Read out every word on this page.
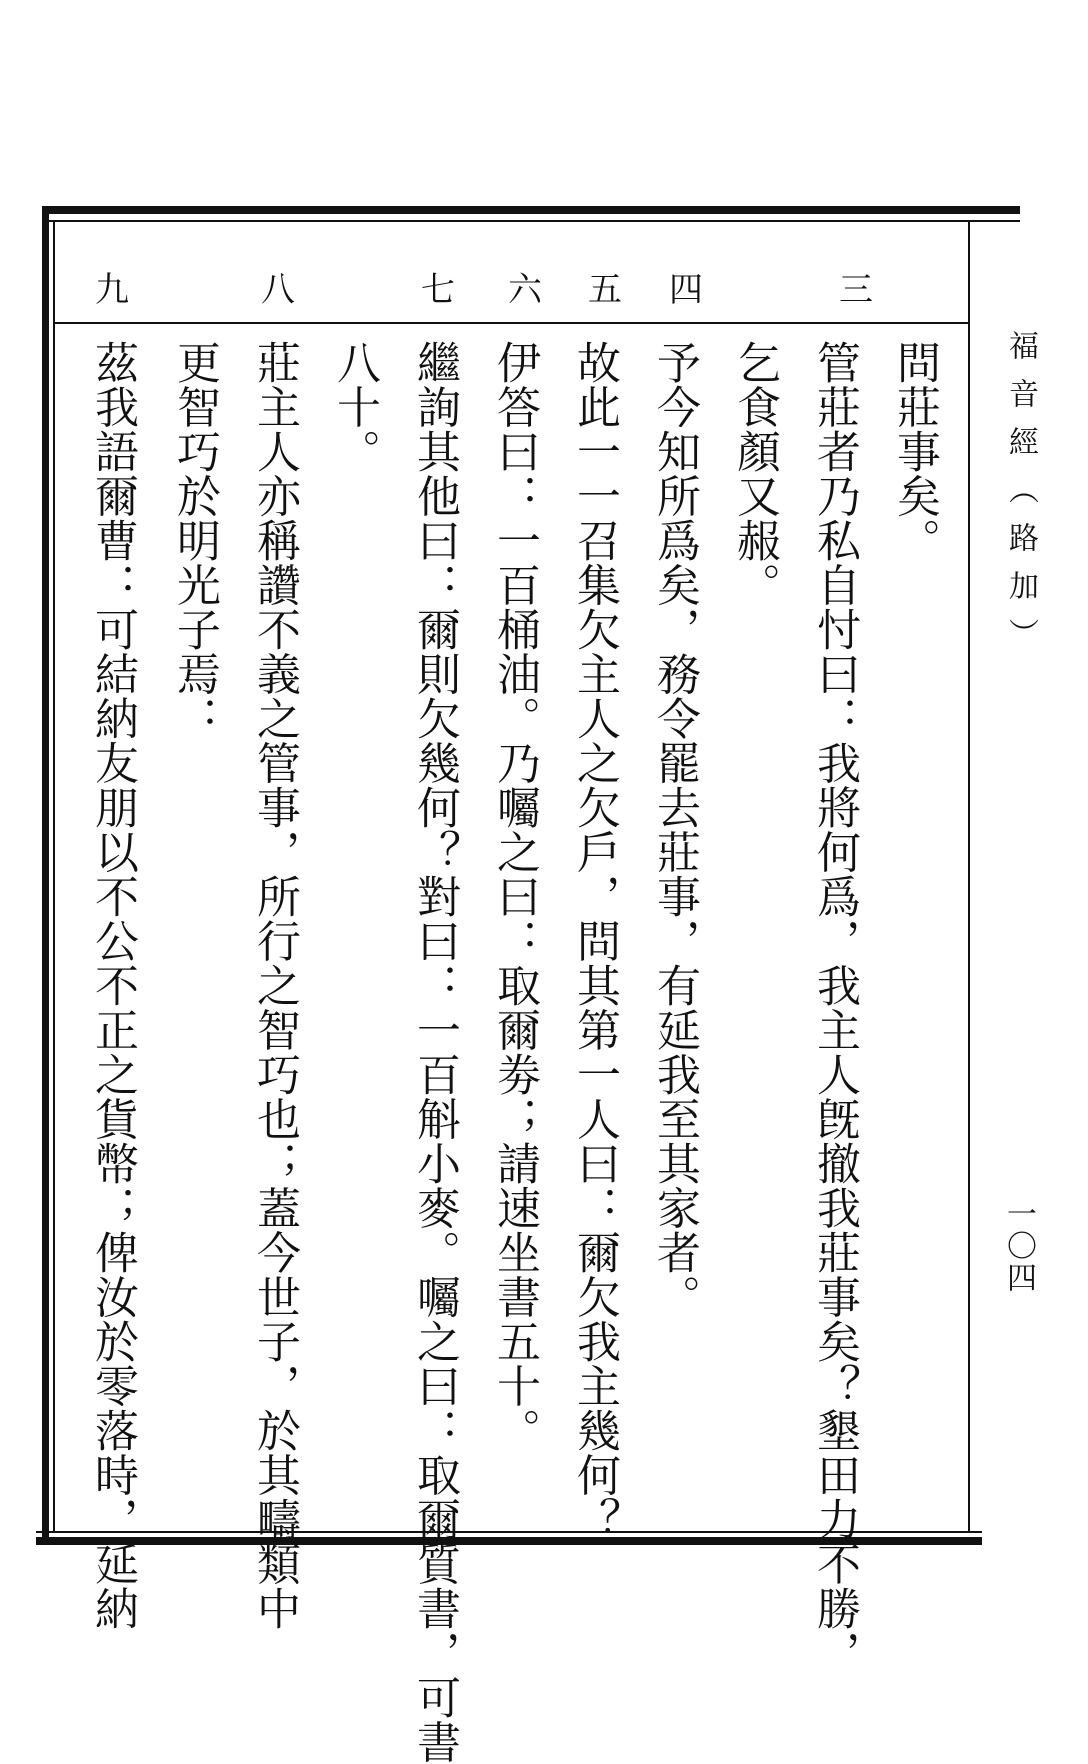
三
四
五
六
七
八
九
問莊事矣。
管莊者乃私自忖曰：我將何爲，我主人旣撤我莊事矣？墾田力不勝，
乞食顏又赧。
予今知所爲矣，務令罷去莊事，有延我至其家者。
故此一一召集欠主人之欠戶，問其第一人曰：爾欠我主幾何？
伊答曰：一百桶油。乃囑之曰：取爾劵；請速坐書五十。
繼詢其他曰：爾則欠幾何？對曰：一百斛小麥。囑之曰：取爾質書，可書
八十。
莊主人亦稱讚不義之管事，所行之智巧也；蓋今世子，於其疇類中
更智巧於明光子焉：
茲我語爾曹：可結納友朋以不公不正之貨幣；俾汝於零落時，延納	福音經（路加）
一〇四
